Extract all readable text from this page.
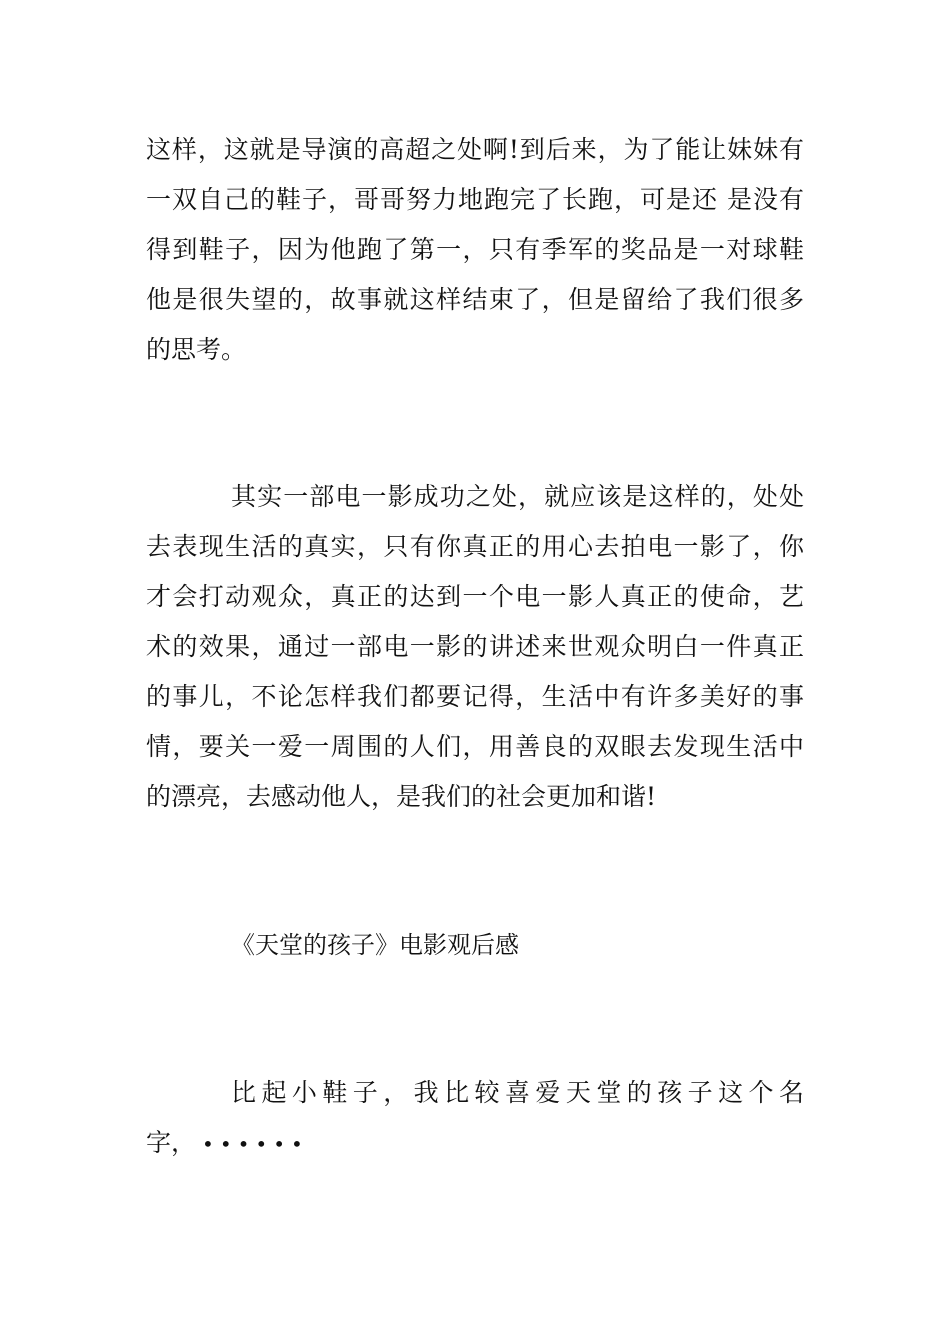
这样，这就是导演的高超之处啊!到后来，为了能让妹妹有
一双自己的鞋子，哥哥努力地跑完了长跑，可是还 是没有
得到鞋子，因为他跑了第一，只有季军的奖品是一对球鞋
他是很失望的，故事就这样结束了，但是留给了我们很多
的思考。
其实一部电一影成功之处，就应该是这样的，处处
去表现生活的真实，只有你真正的用心去拍电一影了，你
才会打动观众，真正的达到一个电一影人真正的使命，艺
术的效果，通过一部电一影的讲述来世观众明白一件真正
的事儿，不论怎样我们都要记得，生活中有许多美好的事
情，要关一爱一周围的人们，用善良的双眼去发现生活中
的漂亮，去感动他人，是我们的社会更加和谐!
《天堂的孩子》电影观后感
比起小鞋子，我比较喜爱天堂的孩子这个名
字， ••••••
